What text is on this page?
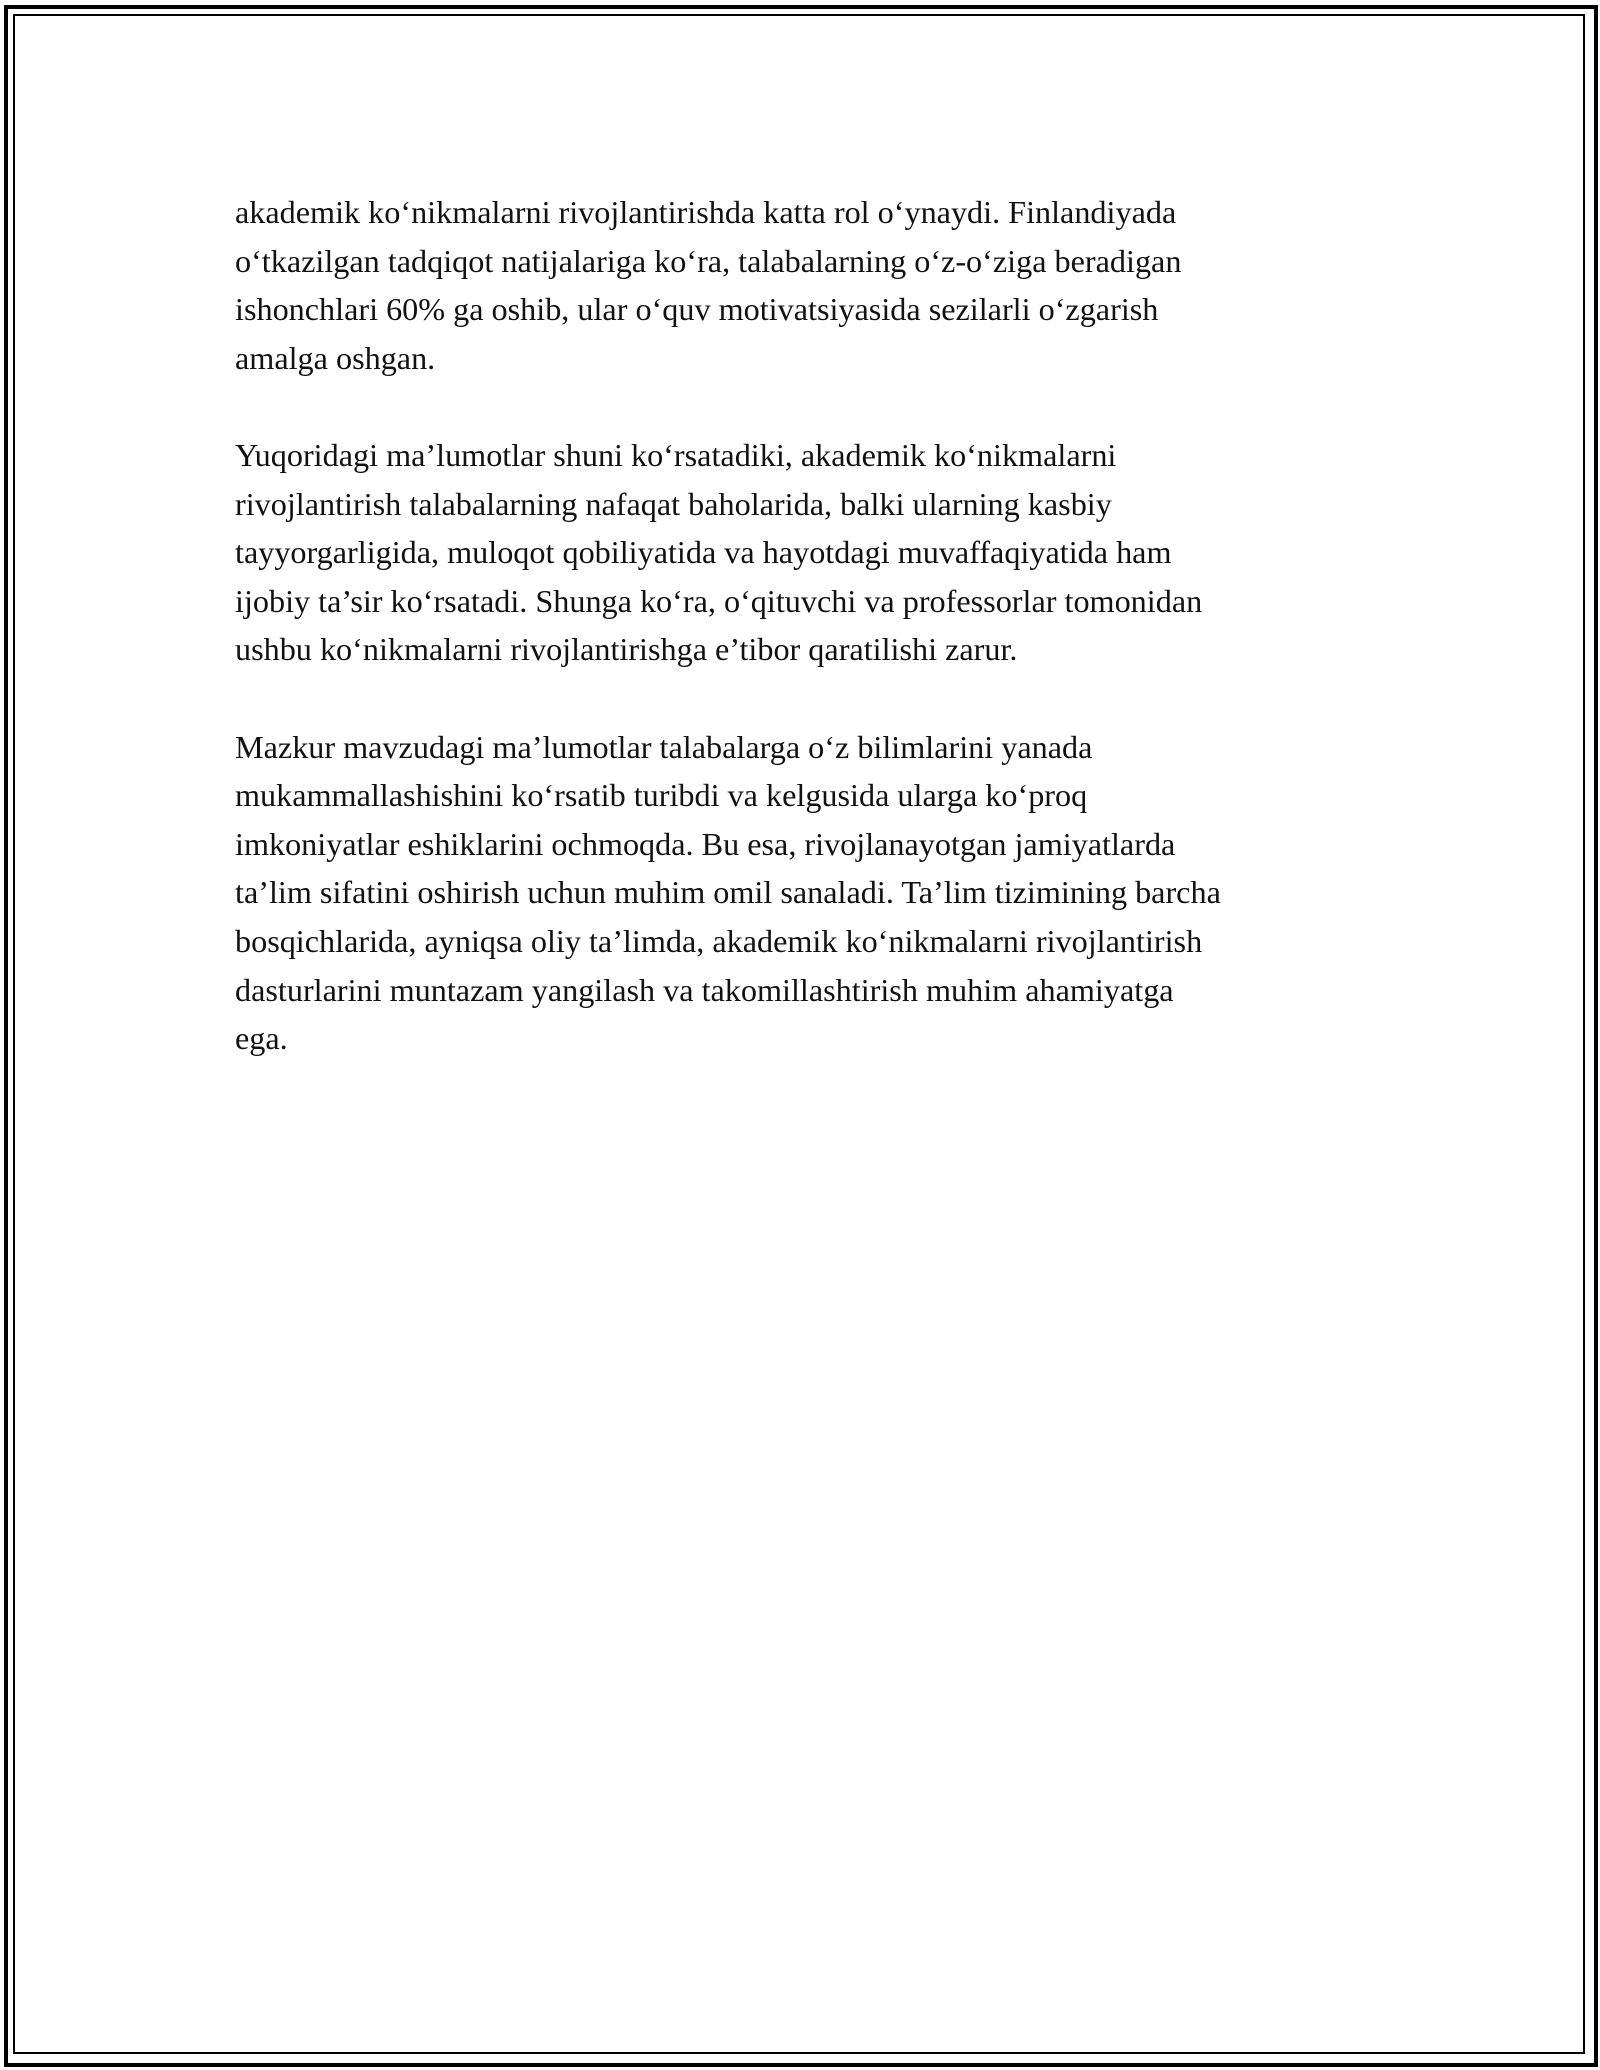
akademik ko‘nikmalarni rivojlantirishda katta rol o‘ynaydi. Finlandiyada
o‘tkazilgan tadqiqot natijalariga ko‘ra, talabalarning o‘z-o‘ziga beradigan
ishonchlari 60% ga oshib, ular o‘quv motivatsiyasida sezilarli o‘zgarish
amalga oshgan.

Yuqoridagi ma’lumotlar shuni ko‘rsatadiki, akademik ko‘nikmalarni
rivojlantirish talabalarning nafaqat baholarida, balki ularning kasbiy
tayyorgarligida, muloqot qobiliyatida va hayotdagi muvaffaqiyatida ham
ijobiy ta’sir ko‘rsatadi. Shunga ko‘ra, o‘qituvchi va professorlar tomonidan
ushbu ko‘nikmalarni rivojlantirishga e’tibor qaratilishi zarur.

Mazkur mavzudagi ma’lumotlar talabalarga o‘z bilimlarini yanada
mukammallashishini ko‘rsatib turibdi va kelgusida ularga ko‘proq
imkoniyatlar eshiklarini ochmoqda. Bu esa, rivojlanayotgan jamiyatlarda
ta’lim sifatini oshirish uchun muhim omil sanaladi. Ta’lim tizimining barcha
bosqichlarida, ayniqsa oliy ta’limda, akademik ko‘nikmalarni rivojlantirish
dasturlarini muntazam yangilash va takomillashtirish muhim ahamiyatga
ega.
